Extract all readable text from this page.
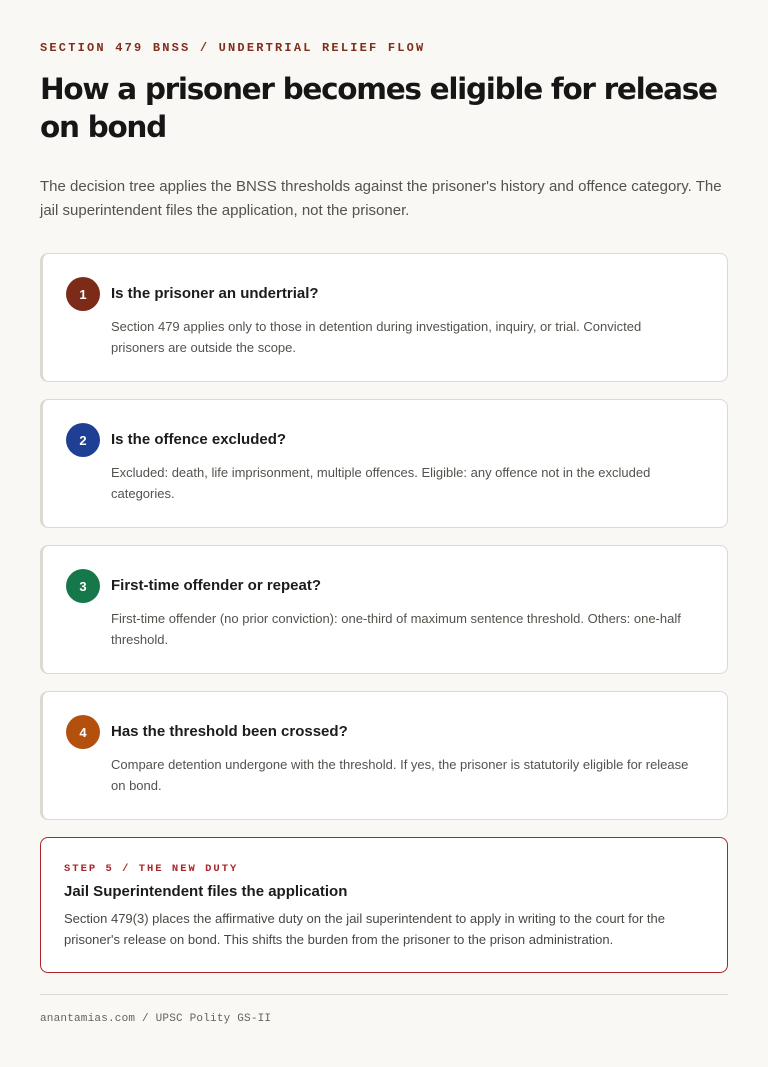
SECTION 479 BNSS / UNDERTRIAL RELIEF FLOW

How a prisoner becomes eligible for release on bond

The decision tree applies the BNSS thresholds against the prisoner's history and offence category. The jail superintendent files the application, not the prisoner.

1	Is the prisoner an undertrial?

Section 479 applies only to those in detention during investigation, inquiry, or trial. Convicted prisoners are outside the scope.

2	Is the offence excluded?

Excluded: death, life imprisonment, multiple offences. Eligible: any offence not in the excluded categories.

3	First-time offender or repeat?

First-time offender (no prior conviction): one-third of maximum sentence threshold. Others: one-half threshold.

4	Has the threshold been crossed?

Compare detention undergone with the threshold. If yes, the prisoner is statutorily eligible for release on bond.

STEP 5 / THE NEW DUTY

Jail Superintendent files the application

Section 479(3) places the affirmative duty on the jail superintendent to apply in writing to the court for the prisoner's release on bond. This shifts the burden from the prisoner to the prison administration.

anantamias.com / UPSC Polity GS-II
